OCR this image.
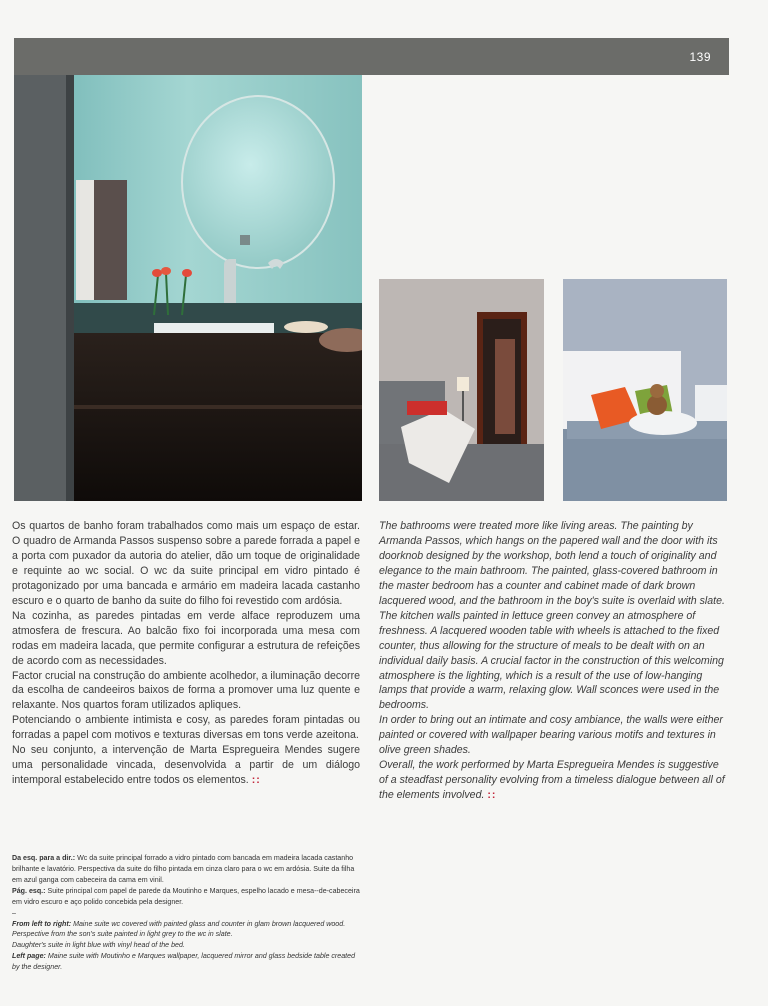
139

Os quartos de banho foram trabalhados como mais um espaço de estar. O quadro de Armanda Passos suspenso sobre a parede forrada a papel e a porta com puxador da autoria do atelier, dão um toque de originalidade e requinte ao wc social. O wc da suite principal em vidro pintado é protagonizado por uma bancada e armário em madeira lacada castanho escuro e o quarto de banho da suite do filho foi revestido com ardósia.

Na cozinha, as paredes pintadas em verde alface reproduzem uma atmosfera de frescura. Ao balcão fixo foi incorporada uma mesa com rodas em madeira lacada, que permite configurar a estrutura de refeições de acordo com as necessidades.

Factor crucial na construção do ambiente acolhedor, a iluminação decorre da escolha de candeeiros baixos de forma a promover uma luz quente e relaxante. Nos quartos foram utilizados apliques.

Potenciando o ambiente intimista e cosy, as paredes foram pintadas ou forradas a papel com motivos e texturas diversas em tons verde azeitona.

No seu conjunto, a intervenção de Marta Espregueira Mendes sugere uma personalidade vincada, desenvolvida a partir de um diálogo intemporal estabelecido entre todos os elementos. ::

The bathrooms were treated more like living areas. The painting by Armanda Passos, which hangs on the papered wall and the door with its doorknob designed by the workshop, both lend a touch of originality and elegance to the main bathroom. The painted, glass-covered bathroom in the master bedroom has a counter and cabinet made of dark brown lacquered wood, and the bathroom in the boy's suite is overlaid with slate.

The kitchen walls painted in lettuce green convey an atmosphere of freshness. A lacquered wooden table with wheels is attached to the fixed counter, thus allowing for the structure of meals to be dealt with on an individual daily basis. A crucial factor in the construction of this welcoming atmosphere is the lighting, which is a result of the use of low-hanging lamps that provide a warm, relaxing glow. Wall sconces were used in the bedrooms.

In order to bring out an intimate and cosy ambiance, the walls were either painted or covered with wallpaper bearing various motifs and textures in olive green shades.

Overall, the work performed by Marta Espregueira Mendes is suggestive of a steadfast personality evolving from a timeless dialogue between all of the elements involved. ::

Da esq. para a dir.: Wc da suite principal forrado a vidro pintado com bancada em madeira lacada castanho brilhante e lavatório. Perspectiva da suite do filho pintada em cinza claro para o wc em ardósia. Suite da filha em azul ganga com cabeceira da cama em vinil.

Pág. esq.: Suite principal com papel de parede da Moutinho e Marques, espelho lacado e mesa--de-cabeceira em vidro escuro e aço polido concebida pela designer.

–

From left to right: Maine suite wc covered with painted glass and counter in glam brown lacquered wood. Perspective from the son's suite painted in light grey to the wc in slate.

Daughter's suite in light blue with vinyl head of the bed.

Left page: Maine suite with Moutinho e Marques wallpaper, lacquered mirror and glass bedside table created by the designer.
